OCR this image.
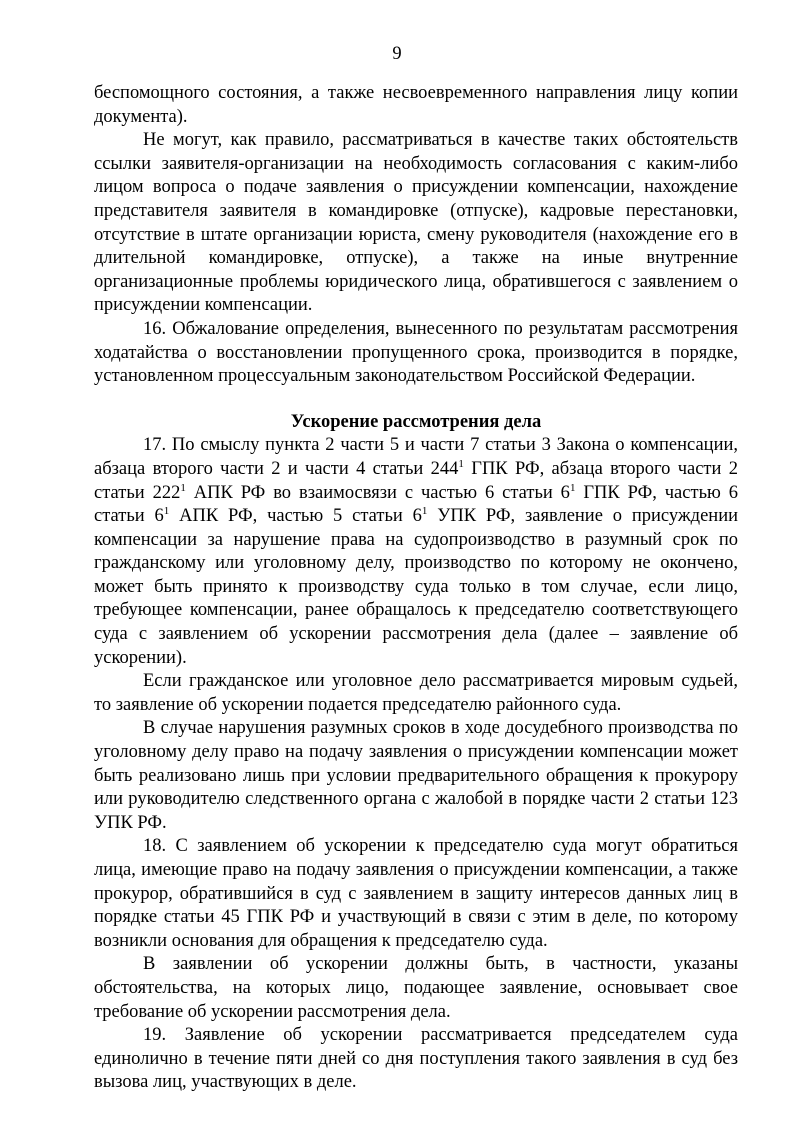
9

беспомощного состояния, а также несвоевременного направления лицу копии документа).

Не могут, как правило, рассматриваться в качестве таких обстоятельств ссылки заявителя-организации на необходимость согласования с каким-либо лицом вопроса о подаче заявления о присуждении компенсации, нахождение представителя заявителя в командировке (отпуске), кадровые перестановки, отсутствие в штате организации юриста, смену руководителя (нахождение его в длительной командировке, отпуске), а также на иные внутренние организационные проблемы юридического лица, обратившегося с заявлением о присуждении компенсации.

16. Обжалование определения, вынесенного по результатам рассмотрения ходатайства о восстановлении пропущенного срока, производится в порядке, установленном процессуальным законодательством Российской Федерации.

Ускорение рассмотрения дела

17. По смыслу пункта 2 части 5 и части 7 статьи 3 Закона о компенсации, абзаца второго части 2 и части 4 статьи $244^1$ ГПК РФ, абзаца второго части 2 статьи $222^1$ АПК РФ во взаимосвязи с частью 6 статьи $6^1$ ГПК РФ, частью 6 статьи $6^1$ АПК РФ, частью 5 статьи $6^1$ УПК РФ, заявление о присуждении компенсации за нарушение права на судопроизводство в разумный срок по гражданскому или уголовному делу, производство по которому не окончено, может быть принято к производству суда только в том случае, если лицо, требующее компенсации, ранее обращалось к председателю соответствующего суда с заявлением об ускорении рассмотрения дела (далее – заявление об ускорении).

Если гражданское или уголовное дело рассматривается мировым судьей, то заявление об ускорении подается председателю районного суда.

В случае нарушения разумных сроков в ходе досудебного производства по уголовному делу право на подачу заявления о присуждении компенсации может быть реализовано лишь при условии предварительного обращения к прокурору или руководителю следственного органа с жалобой в порядке части 2 статьи 123 УПК РФ.

18. С заявлением об ускорении к председателю суда могут обратиться лица, имеющие право на подачу заявления о присуждении компенсации, а также прокурор, обратившийся в суд с заявлением в защиту интересов данных лиц в порядке статьи 45 ГПК РФ и участвующий в связи с этим в деле, по которому возникли основания для обращения к председателю суда.

В заявлении об ускорении должны быть, в частности, указаны обстоятельства, на которых лицо, подающее заявление, основывает свое требование об ускорении рассмотрения дела.

19. Заявление об ускорении рассматривается председателем суда единолично в течение пяти дней со дня поступления такого заявления в суд без вызова лиц, участвующих в деле.
